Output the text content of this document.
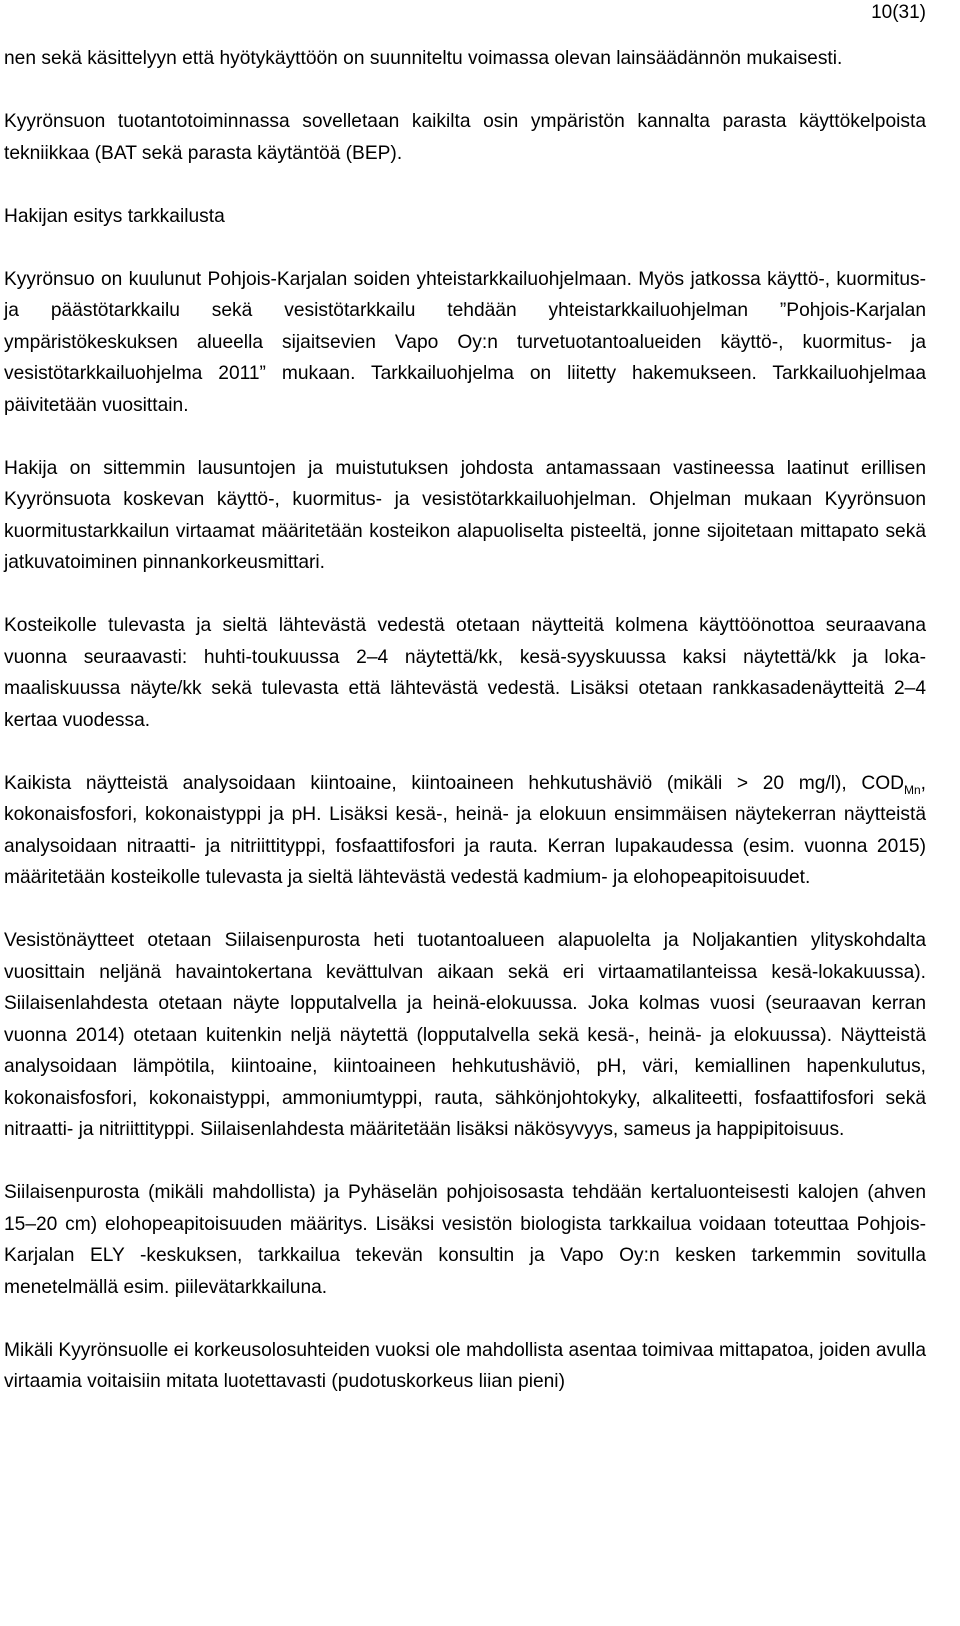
10(31)

nen sekä käsittelyyn että hyötykäyttöön on suunniteltu voimassa olevan lainsäädännön mukaisesti.

Kyyrönsuon tuotantotoiminnassa sovelletaan kaikilta osin ympäristön kannalta parasta käyttökelpoista tekniikkaa (BAT sekä parasta käytäntöä (BEP).

Hakijan esitys tarkkailusta

Kyyrönsuo on kuulunut Pohjois-Karjalan soiden yhteistarkkailuohjelmaan. Myös jatkossa käyttö-, kuormitus- ja päästötarkkailu sekä vesistötarkkailu tehdään yhteistarkkailuohjelman ”Pohjois-Karjalan ympäristökeskuksen alueella sijaitsevien Vapo Oy:n turvetuotantoalueiden käyttö-, kuormitus- ja vesistötarkkailuohjelma 2011” mukaan. Tarkkailuohjelma on liitetty hakemukseen. Tarkkailuohjelmaa päivitetään vuosittain.

Hakija on sittemmin lausuntojen ja muistutuksen johdosta antamassaan vastineessa laatinut erillisen Kyyrönsuota koskevan käyttö-, kuormitus- ja vesistötarkkailuohjelman. Ohjelman mukaan Kyyrönsuon kuormitustarkkailun virtaamat määritetään kosteikon alapuoliselta pisteeltä, jonne sijoitetaan mittapato sekä jatkuvatoiminen pinnankorkeusmittari.

Kosteikolle tulevasta ja sieltä lähtevästä vedestä otetaan näytteitä kolmena käyttöönottoa seuraavana vuonna seuraavasti: huhti-toukuussa 2–4 näytettä/kk, kesä-syyskuussa kaksi näytettä/kk ja loka-maaliskuussa näyte/kk sekä tulevasta että lähtevästä vedestä. Lisäksi otetaan rankkasadenäytteitä 2–4 kertaa vuodessa.

Kaikista näytteistä analysoidaan kiintoaine, kiintoaineen hehkutushäviö (mikäli > 20 mg/l), $COD_{Mn}$, kokonaisfosfori, kokonaistyppi ja pH. Lisäksi kesä-, heinä- ja elokuun ensimmäisen näytekerran näytteistä analysoidaan nitraatti- ja nitriittityppi, fosfaattifosfori ja rauta. Kerran lupakaudessa (esim. vuonna 2015) määritetään kosteikolle tulevasta ja sieltä lähtevästä vedestä kadmium- ja elohopeapitoisuudet.

Vesistönäytteet otetaan Siilaisenpurosta heti tuotantoalueen alapuolelta ja Noljakantien ylityskohdalta vuosittain neljänä havaintokertana kevättulvan aikaan sekä eri virtaamatilanteissa kesä-lokakuussa). Siilaisenlahdesta otetaan näyte lopputalvella ja heinä-elokuussa. Joka kolmas vuosi (seuraavan kerran vuonna 2014) otetaan kuitenkin neljä näytettä (lopputalvella sekä kesä-, heinä- ja elokuussa). Näytteistä analysoidaan lämpötila, kiintoaine, kiintoaineen hehkutushäviö, pH, väri, kemiallinen hapenkulutus, kokonaisfosfori, kokonaistyppi, ammoniumtyppi, rauta, sähkönjohtokyky, alkaliteetti, fosfaattifosfori sekä nitraatti- ja nitriittityppi. Siilaisenlahdesta määritetään lisäksi näkösyvyys, sameus ja happipitoisuus.

Siilaisenpurosta (mikäli mahdollista) ja Pyhäselän pohjoisosasta tehdään kertaluonteisesti kalojen (ahven 15–20 cm) elohopeapitoisuuden määritys. Lisäksi vesistön biologista tarkkailua voidaan toteuttaa Pohjois-Karjalan ELY -keskuksen, tarkkailua tekevän konsultin ja Vapo Oy:n kesken tarkemmin sovitulla menetelmällä esim. piilevätarkkailuna.

Mikäli Kyyrönsuolle ei korkeusolosuhteiden vuoksi ole mahdollista asentaa toimivaa mittapatoa, joiden avulla virtaamia voitaisiin mitata luotettavasti (pudotuskorkeus liian pieni)
